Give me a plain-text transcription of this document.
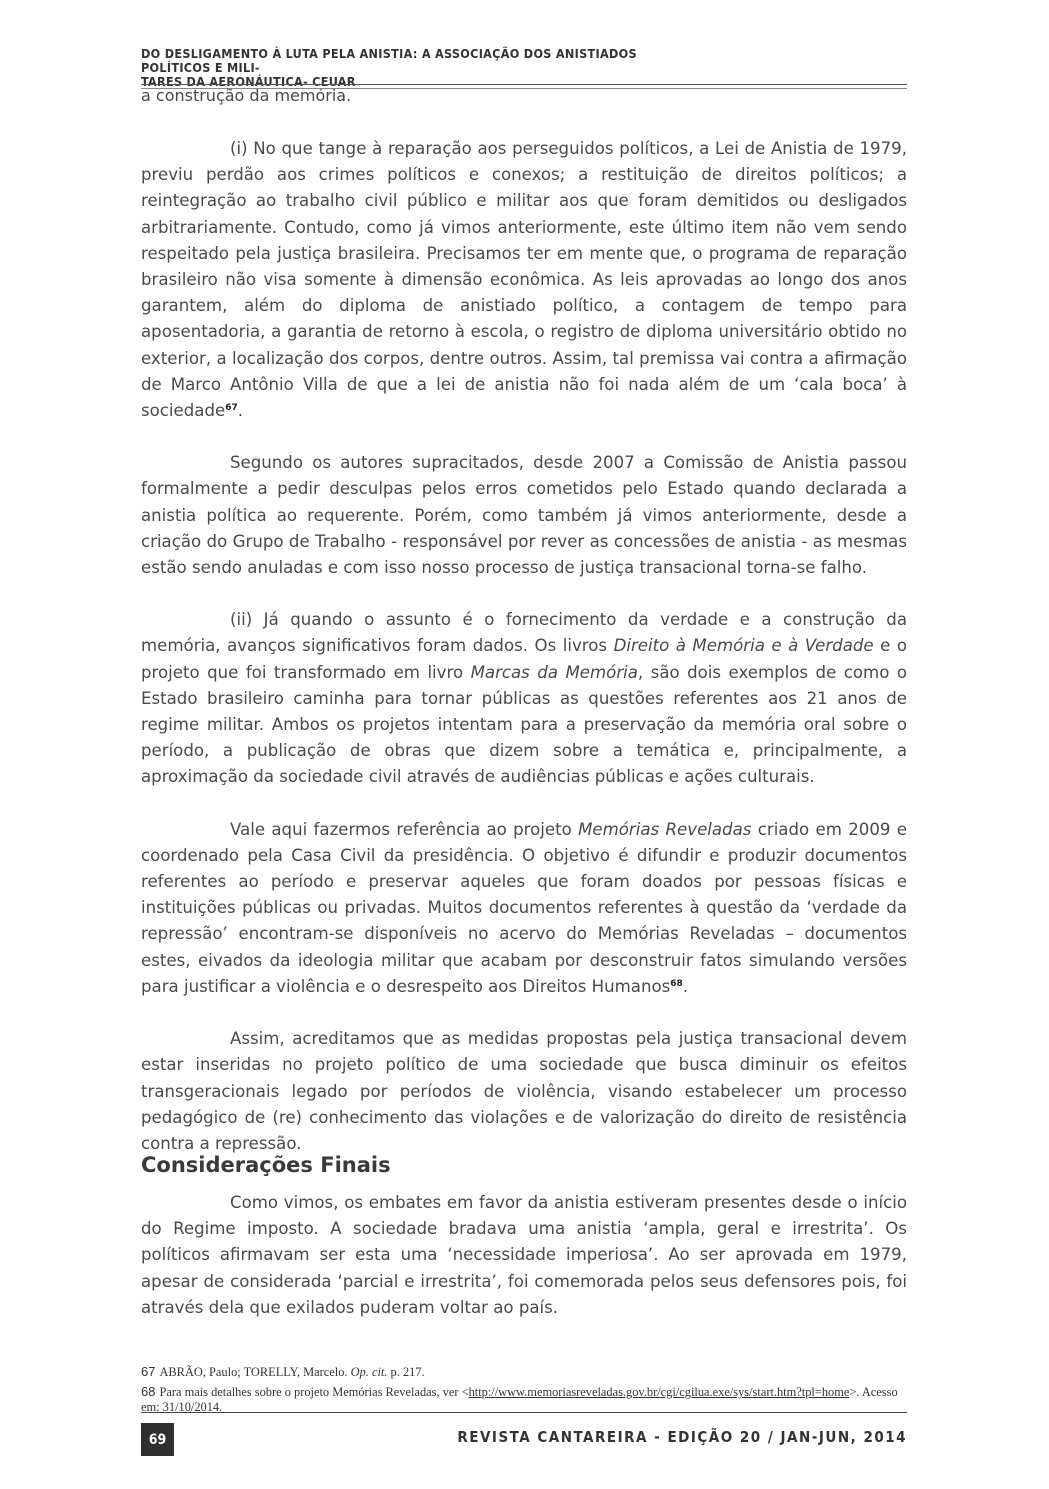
DO DESLIGAMENTO À LUTA PELA ANISTIA: A ASSOCIAÇÃO DOS ANISTIADOS POLÍTICOS E MILI-
TARES DA AERONÁUTICA- CEUAR
a construção da memória.

(i) No que tange à reparação aos perseguidos políticos, a Lei de Anistia de 1979, previu perdão aos crimes políticos e conexos; a restituição de direitos políticos; a reintegração ao trabalho civil público e militar aos que foram demitidos ou desligados arbitrariamente. Contudo, como já vimos anteriormente, este último item não vem sendo respeitado pela justiça brasileira. Precisamos ter em mente que, o programa de reparação brasileiro não visa somente à dimensão econômica. As leis aprovadas ao longo dos anos garantem, além do diploma de anistiado político, a contagem de tempo para aposentadoria, a garantia de retorno à escola, o registro de diploma universitário obtido no exterior, a localização dos corpos, dentre outros. Assim, tal premissa vai contra a afirmação de Marco Antônio Villa de que a lei de anistia não foi nada além de um ‘cala boca’ à sociedade$^{67}$.

Segundo os autores supracitados, desde 2007 a Comissão de Anistia passou formalmente a pedir desculpas pelos erros cometidos pelo Estado quando declarada a anistia política ao requerente. Porém, como também já vimos anteriormente, desde a criação do Grupo de Trabalho - responsável por rever as concessões de anistia - as mesmas estão sendo anuladas e com isso nosso processo de justiça transacional torna-se falho.

(ii) Já quando o assunto é o fornecimento da verdade e a construção da memória, avanços significativos foram dados. Os livros Direito à Memória e à Verdade e o projeto que foi transformado em livro Marcas da Memória, são dois exemplos de como o Estado brasileiro caminha para tornar públicas as questões referentes aos 21 anos de regime militar. Ambos os projetos intentam para a preservação da memória oral sobre o período, a publicação de obras que dizem sobre a temática e, principalmente, a aproximação da sociedade civil através de audiências públicas e ações culturais.

Vale aqui fazermos referência ao projeto Memórias Reveladas criado em 2009 e coordenado pela Casa Civil da presidência. O objetivo é difundir e produzir documentos referentes ao período e preservar aqueles que foram doados por pessoas físicas e instituições públicas ou privadas. Muitos documentos referentes à questão da ‘verdade da repressão’ encontram-se disponíveis no acervo do Memórias Reveladas – documentos estes, eivados da ideologia militar que acabam por desconstruir fatos simulando versões para justificar a violência e o desrespeito aos Direitos Humanos$^{68}$.

Assim, acreditamos que as medidas propostas pela justiça transacional devem estar inseridas no projeto político de uma sociedade que busca diminuir os efeitos transgeracionais legado por períodos de violência, visando estabelecer um processo pedagógico de (re) conhecimento das violações e de valorização do direito de resistência contra a repressão.

Considerações Finais

Como vimos, os embates em favor da anistia estiveram presentes desde o início do Regime imposto. A sociedade bradava uma anistia ‘ampla, geral e irrestrita’. Os políticos afirmavam ser esta uma ‘necessidade imperiosa’. Ao ser aprovada em 1979, apesar de considerada ‘parcial e irrestrita’, foi comemorada pelos seus defensores pois, foi através dela que exilados puderam voltar ao país.

67 ABRÃO, Paulo; TORELLY, Marcelo. Op. cit. p. 217.

68 Para mais detalhes sobre o projeto Memórias Reveladas, ver <http://www.memoriasreveladas.gov.br/cgi/cgilua.exe/sys/start.htm?tpl=home>. Acesso em: 31/10/2014.

69	REVISTA CANTAREIRA - EDIÇÃO 20 / JAN-JUN, 2014
